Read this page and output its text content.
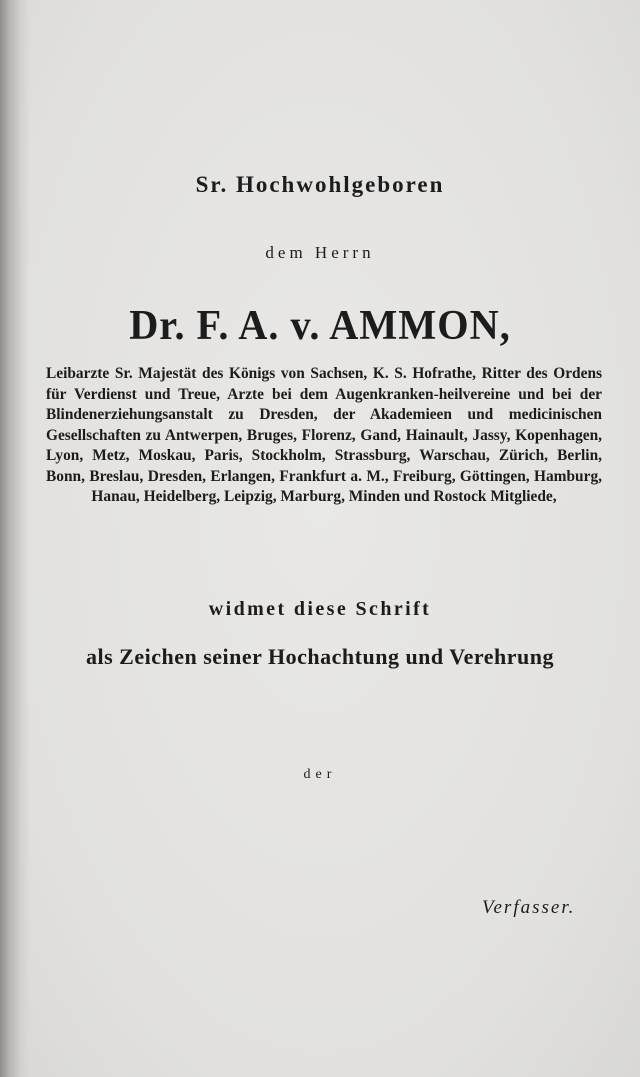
Sr. Hochwohlgeboren
dem Herrn
Dr. F. A. v. AMMON,
Leibarzte Sr. Majestät des Königs von Sachsen, K. S. Hofrathe, Ritter des Ordens für Verdienst und Treue, Arzte bei dem Augenkranken-heilvereine und bei der Blindenerziehungsanstalt zu Dresden, der Akademieen und medicinischen Gesellschaften zu Antwerpen, Bruges, Florenz, Gand, Hainault, Jassy, Kopenhagen, Lyon, Metz, Moskau, Paris, Stockholm, Strassburg, Warschau, Zürich, Berlin, Bonn, Breslau, Dresden, Erlangen, Frankfurt a. M., Freiburg, Göttingen, Hamburg, Hanau, Heidelberg, Leipzig, Marburg, Minden und Rostock Mitgliede,
widmet diese Schrift
als Zeichen seiner Hochachtung und Verehrung
der
Verfasser.
